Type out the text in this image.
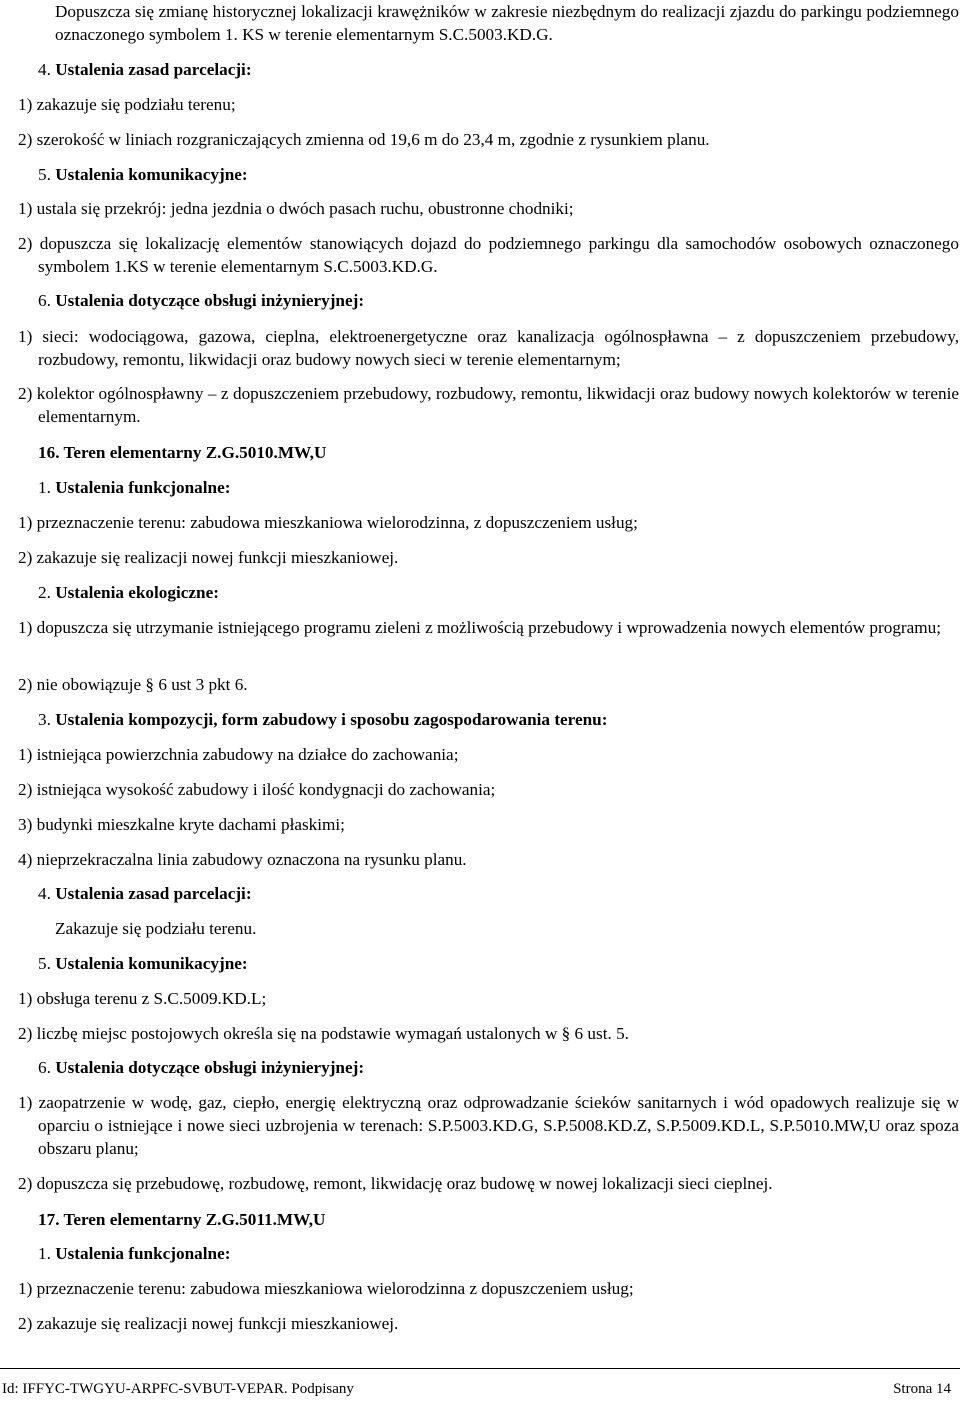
Dopuszcza się zmianę historycznej lokalizacji krawężników w zakresie niezbędnym do realizacji zjazdu do parkingu podziemnego oznaczonego symbolem 1. KS w terenie elementarnym S.C.5003.KD.G.

4. Ustalenia zasad parcelacji:

1) zakazuje się podziału terenu;

2) szerokość w liniach rozgraniczających zmienna od 19,6 m do 23,4 m, zgodnie z rysunkiem planu.

5. Ustalenia komunikacyjne:

1) ustala się przekrój: jedna jezdnia o dwóch pasach ruchu, obustronne chodniki;

2) dopuszcza się lokalizację elementów stanowiących dojazd do podziemnego parkingu dla samochodów osobowych oznaczonego symbolem 1.KS w terenie elementarnym S.C.5003.KD.G.

6. Ustalenia dotyczące obsługi inżynieryjnej:

1) sieci: wodociągowa, gazowa, cieplna, elektroenergetyczne oraz kanalizacja ogólnospławna – z dopuszczeniem przebudowy, rozbudowy, remontu, likwidacji oraz budowy nowych sieci w terenie elementarnym;

2) kolektor ogólnospławny – z dopuszczeniem przebudowy, rozbudowy, remontu, likwidacji oraz budowy nowych kolektorów w terenie elementarnym.

16. Teren elementarny Z.G.5010.MW,U

1. Ustalenia funkcjonalne:

1) przeznaczenie terenu: zabudowa mieszkaniowa wielorodzinna, z dopuszczeniem usług;

2) zakazuje się realizacji nowej funkcji mieszkaniowej.

2. Ustalenia ekologiczne:

1) dopuszcza się utrzymanie istniejącego programu zieleni z możliwością przebudowy i wprowadzenia nowych elementów programu;

2) nie obowiązuje § 6 ust 3 pkt 6.

3. Ustalenia kompozycji, form zabudowy i sposobu zagospodarowania terenu:

1) istniejąca powierzchnia zabudowy na działce do zachowania;

2) istniejąca wysokość zabudowy i ilość kondygnacji do zachowania;

3) budynki mieszkalne kryte dachami płaskimi;

4) nieprzekraczalna linia zabudowy oznaczona na rysunku planu.

4. Ustalenia zasad parcelacji:

Zakazuje się podziału terenu.

5. Ustalenia komunikacyjne:

1) obsługa terenu z S.C.5009.KD.L;

2) liczbę miejsc postojowych określa się na podstawie wymagań ustalonych w § 6 ust. 5.

6. Ustalenia dotyczące obsługi inżynieryjnej:

1) zaopatrzenie w wodę, gaz, ciepło, energię elektryczną oraz odprowadzanie ścieków sanitarnych i wód opadowych realizuje się w oparciu o istniejące i nowe sieci uzbrojenia w terenach: S.P.5003.KD.G, S.P.5008.KD.Z, S.P.5009.KD.L, S.P.5010.MW,U oraz spoza obszaru planu;

2) dopuszcza się przebudowę, rozbudowę, remont, likwidację oraz budowę w nowej lokalizacji sieci cieplnej.

17. Teren elementarny Z.G.5011.MW,U

1. Ustalenia funkcjonalne:

1) przeznaczenie terenu: zabudowa mieszkaniowa wielorodzinna z dopuszczeniem usług;

2) zakazuje się realizacji nowej funkcji mieszkaniowej.

Id: IFFYC-TWGYU-ARPFC-SVBUT-VEPAR. Podpisany	Strona 14
